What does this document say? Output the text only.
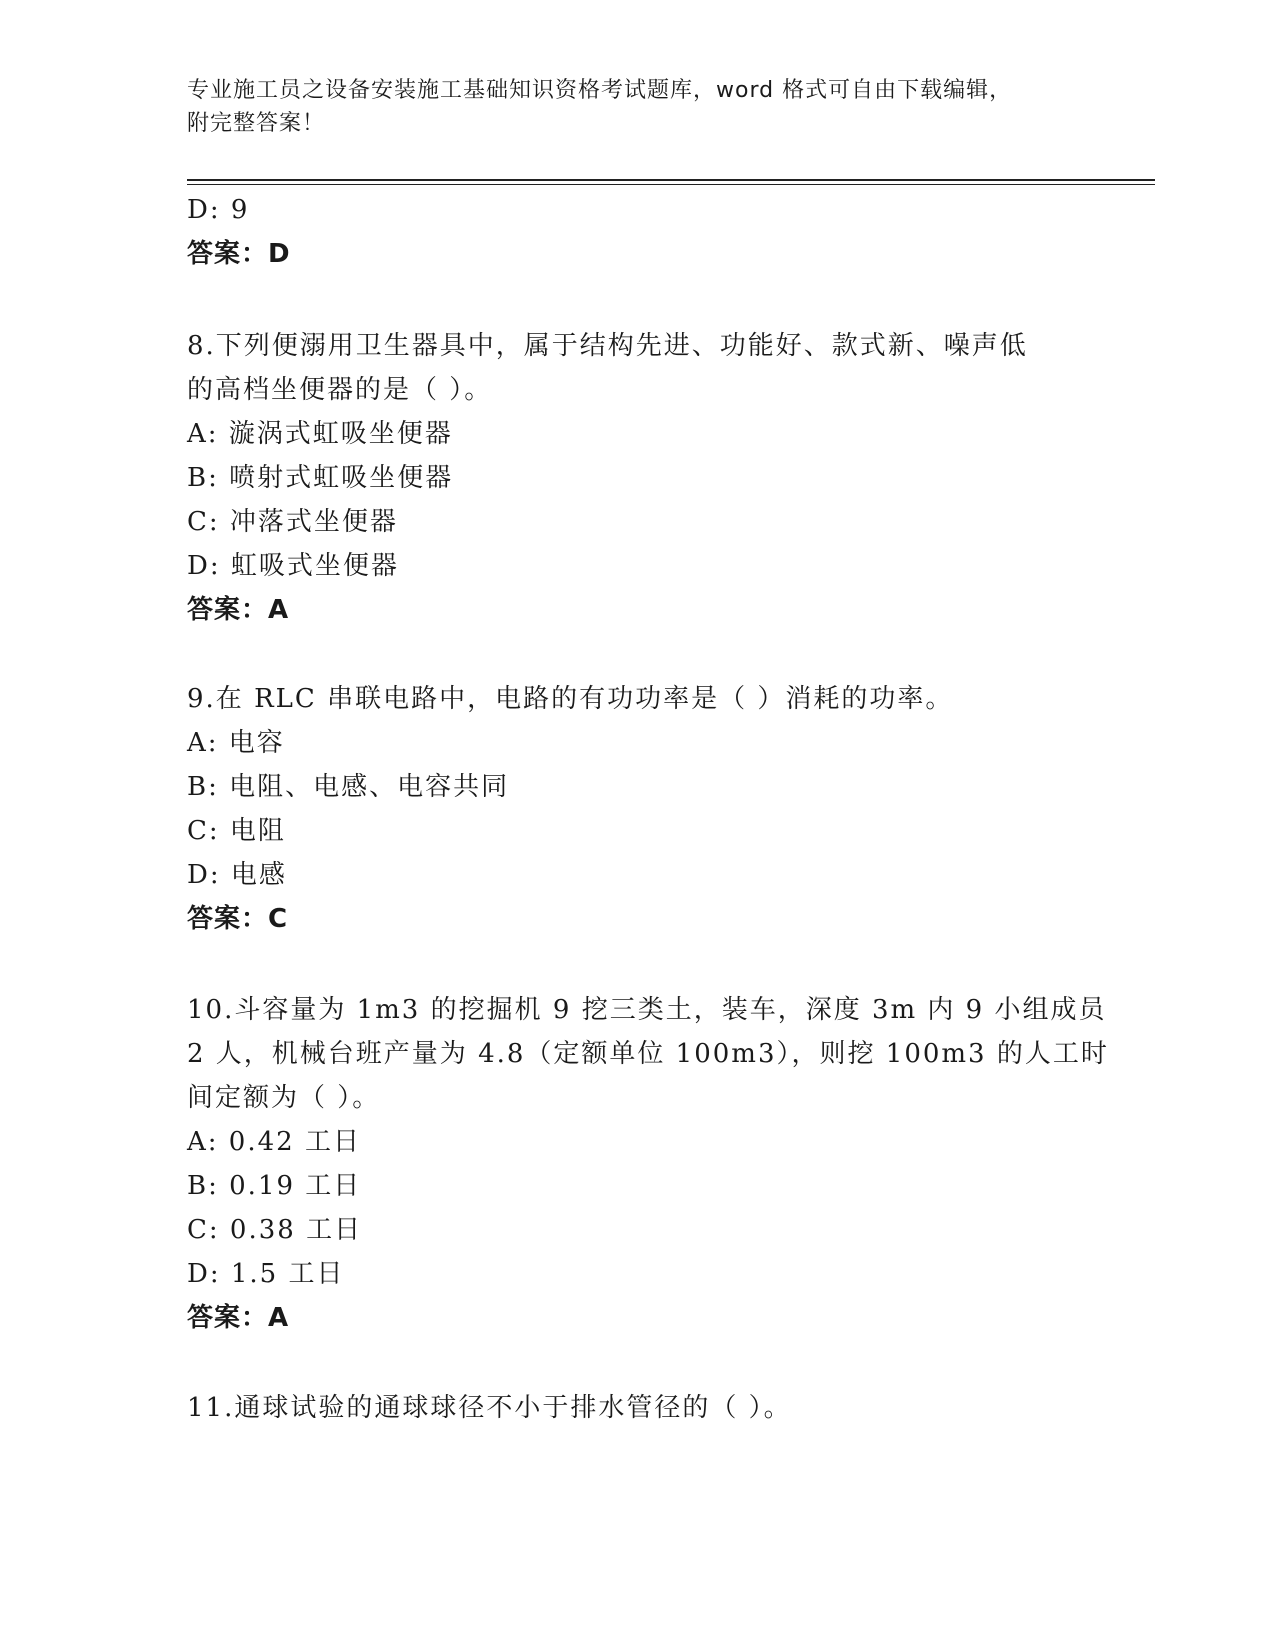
专业施工员之设备安装施工基础知识资格考试题库，word 格式可自由下载编辑，
附完整答案！
D: 9
答案：D
8.下列便溺用卫生器具中，属于结构先进、功能好、款式新、噪声低
的高档坐便器的是（ ）。
A: 漩涡式虹吸坐便器
B: 喷射式虹吸坐便器
C: 冲落式坐便器
D: 虹吸式坐便器
答案：A
9.在 RLC 串联电路中，电路的有功功率是（ ）消耗的功率。
A: 电容
B: 电阻、电感、电容共同
C: 电阻
D: 电感
答案：C
10.斗容量为 1m3 的挖掘机 9 挖三类土，装车，深度 3m 内 9 小组成员
2 人，机械台班产量为 4.8（定额单位 100m3），则挖 100m3 的人工时
间定额为（ ）。
A: 0.42 工日
B: 0.19 工日
C: 0.38 工日
D: 1.5 工日
答案：A
11.通球试验的通球球径不小于排水管径的（ ）。
